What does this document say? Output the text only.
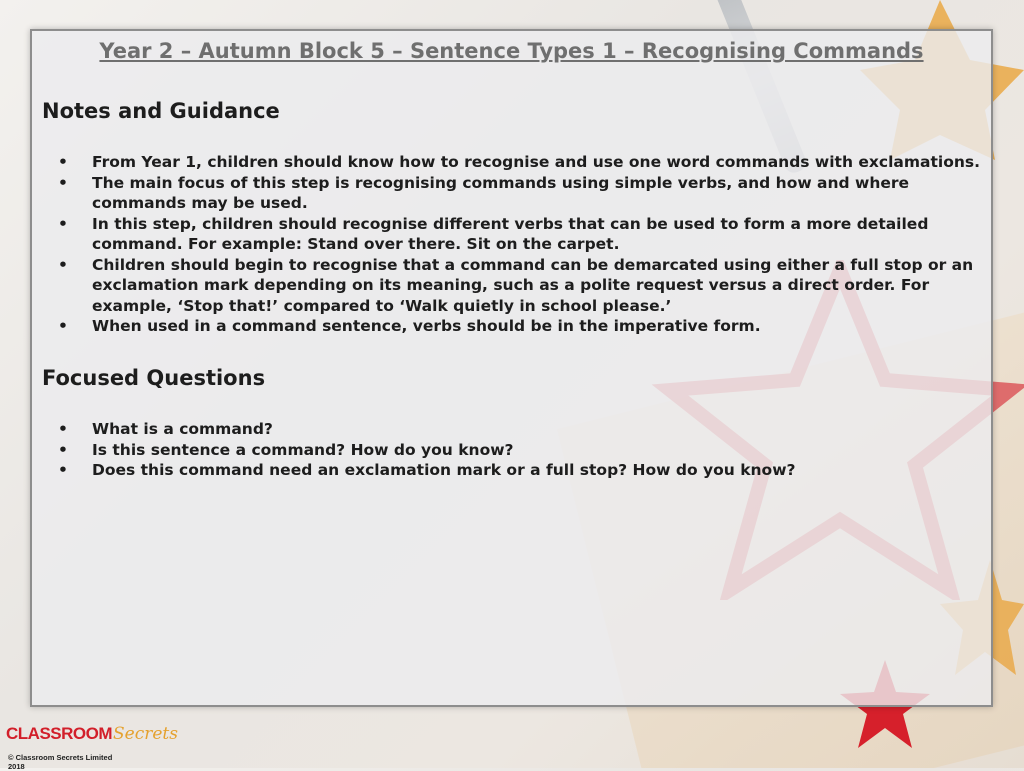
Year 2 – Autumn Block 5 – Sentence Types 1 – Recognising Commands
Notes and Guidance
• From Year 1, children should know how to recognise and use one word commands with exclamations.
• The main focus of this step is recognising commands using simple verbs, and how and where commands may be used.
• In this step, children should recognise different verbs that can be used to form a more detailed command. For example: Stand over there. Sit on the carpet.
• Children should begin to recognise that a command can be demarcated using either a full stop or an exclamation mark depending on its meaning, such as a polite request versus a direct order. For example, ‘Stop that!’ compared to ‘Walk quietly in school please.’
• When used in a command sentence, verbs should be in the imperative form.
Focused Questions
• What is a command?
• Is this sentence a command? How do you know?
• Does this command need an exclamation mark or a full stop? How do you know?
CLASSROOMSecrets
© Classroom Secrets Limited 2018
